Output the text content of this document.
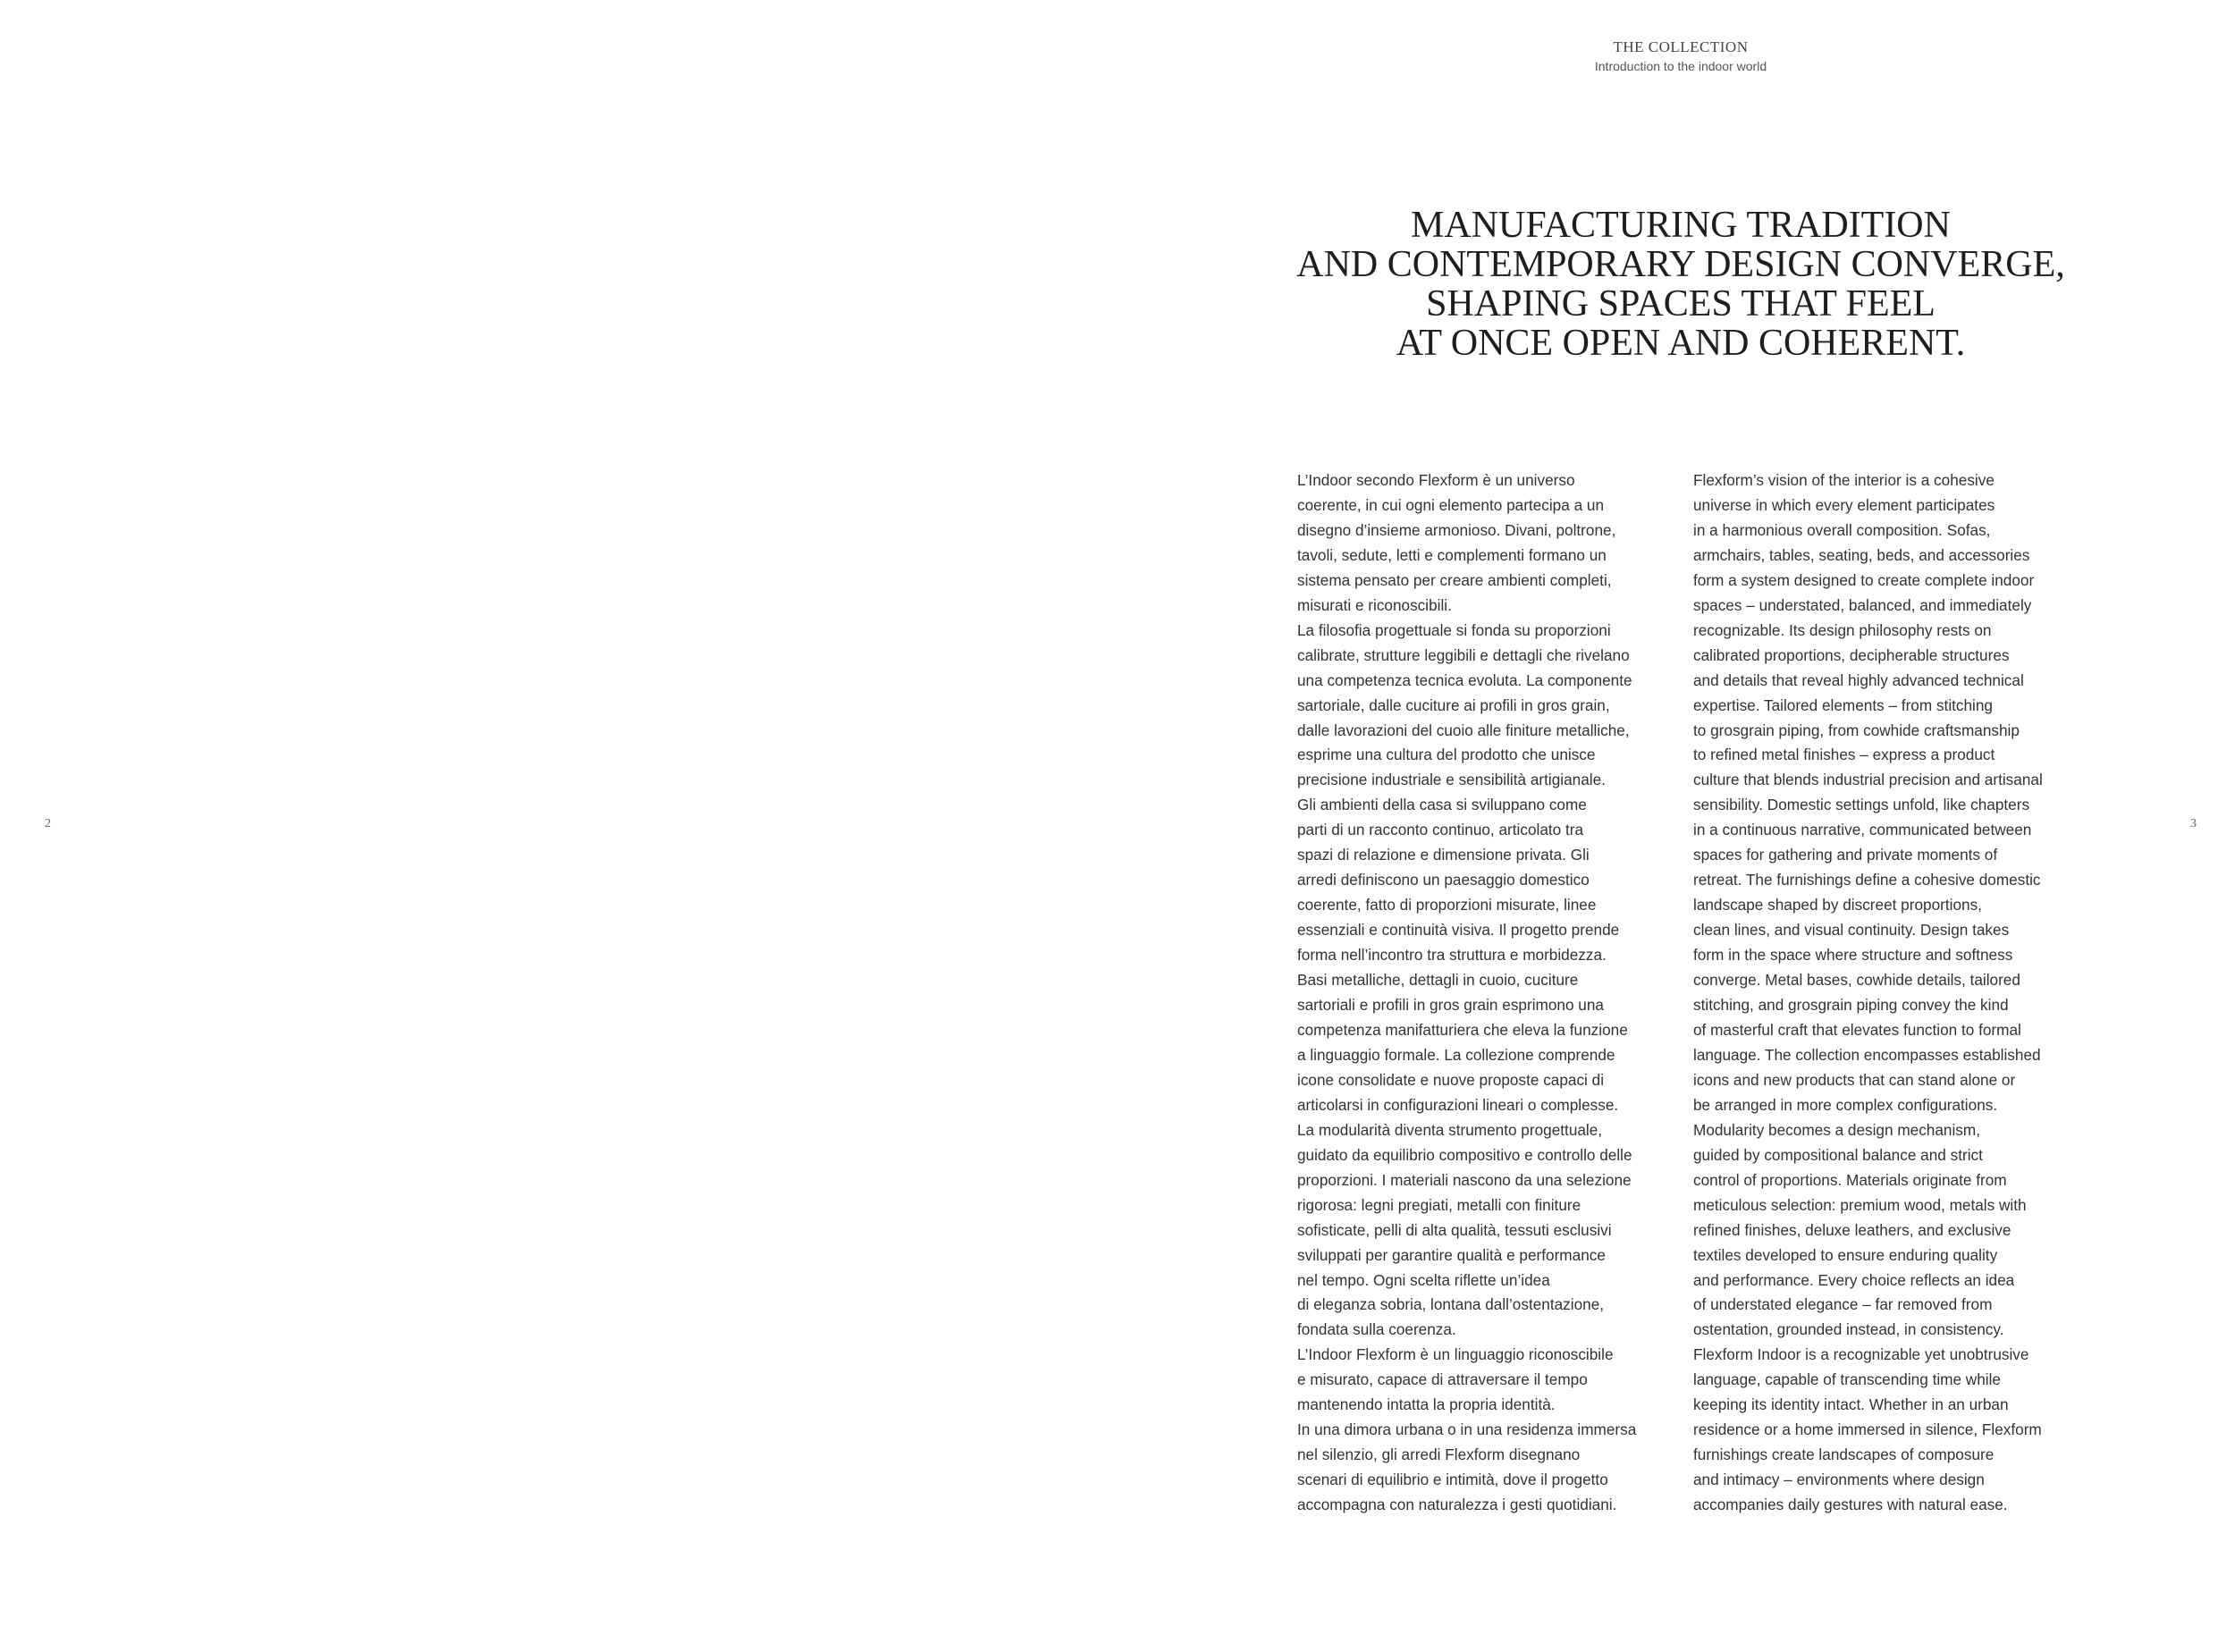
THE COLLECTION
Introduction to the indoor world
MANUFACTURING TRADITION
AND CONTEMPORARY DESIGN CONVERGE,
SHAPING SPACES THAT FEEL
AT ONCE OPEN AND COHERENT.
L’Indoor secondo Flexform è un universo
coerente, in cui ogni elemento partecipa a un
disegno d’insieme armonioso. Divani, poltrone,
tavoli, sedute, letti e complementi formano un
sistema pensato per creare ambienti completi,
misurati e riconoscibili.
La filosofia progettuale si fonda su proporzioni
calibrate, strutture leggibili e dettagli che rivelano
una competenza tecnica evoluta. La componente
sartoriale, dalle cuciture ai profili in gros grain,
dalle lavorazioni del cuoio alle finiture metalliche,
esprime una cultura del prodotto che unisce
precisione industriale e sensibilità artigianale.
Gli ambienti della casa si sviluppano come
parti di un racconto continuo, articolato tra
spazi di relazione e dimensione privata. Gli
arredi definiscono un paesaggio domestico
coerente, fatto di proporzioni misurate, linee
essenziali e continuità visiva. Il progetto prende
forma nell’incontro tra struttura e morbidezza.
Basi metalliche, dettagli in cuoio, cuciture
sartoriali e profili in gros grain esprimono una
competenza manifatturiera che eleva la funzione
a linguaggio formale. La collezione comprende
icone consolidate e nuove proposte capaci di
articolarsi in configurazioni lineari o complesse.
La modularità diventa strumento progettuale,
guidato da equilibrio compositivo e controllo delle
proporzioni. I materiali nascono da una selezione
rigorosa: legni pregiati, metalli con finiture
sofisticate, pelli di alta qualità, tessuti esclusivi
sviluppati per garantire qualità e performance
nel tempo. Ogni scelta riflette un’idea
di eleganza sobria, lontana dall’ostentazione,
fondata sulla coerenza.
L’Indoor Flexform è un linguaggio riconoscibile
e misurato, capace di attraversare il tempo
mantenendo intatta la propria identità.
In una dimora urbana o in una residenza immersa
nel silenzio, gli arredi Flexform disegnano
scenari di equilibrio e intimità, dove il progetto
accompagna con naturalezza i gesti quotidiani.
Flexform’s vision of the interior is a cohesive
universe in which every element participates
in a harmonious overall composition. Sofas,
armchairs, tables, seating, beds, and accessories
form a system designed to create complete indoor
spaces – understated, balanced, and immediately
recognizable. Its design philosophy rests on
calibrated proportions, decipherable structures
and details that reveal highly advanced technical
expertise. Tailored elements – from stitching
to grosgrain piping, from cowhide craftsmanship
to refined metal finishes – express a product
culture that blends industrial precision and artisanal
sensibility. Domestic settings unfold, like chapters
in a continuous narrative, communicated between
spaces for gathering and private moments of
retreat. The furnishings define a cohesive domestic
landscape shaped by discreet proportions,
clean lines, and visual continuity. Design takes
form in the space where structure and softness
converge. Metal bases, cowhide details, tailored
stitching, and grosgrain piping convey the kind
of masterful craft that elevates function to formal
language. The collection encompasses established
icons and new products that can stand alone or
be arranged in more complex configurations.
Modularity becomes a design mechanism,
guided by compositional balance and strict
control of proportions. Materials originate from
meticulous selection: premium wood, metals with
refined finishes, deluxe leathers, and exclusive
textiles developed to ensure enduring quality
and performance. Every choice reflects an idea
of understated elegance – far removed from
ostentation, grounded instead, in consistency.
Flexform Indoor is a recognizable yet unobtrusive
language, capable of transcending time while
keeping its identity intact. Whether in an urban
residence or a home immersed in silence, Flexform
furnishings create landscapes of composure
and intimacy – environments where design
accompanies daily gestures with natural ease.
2	3
